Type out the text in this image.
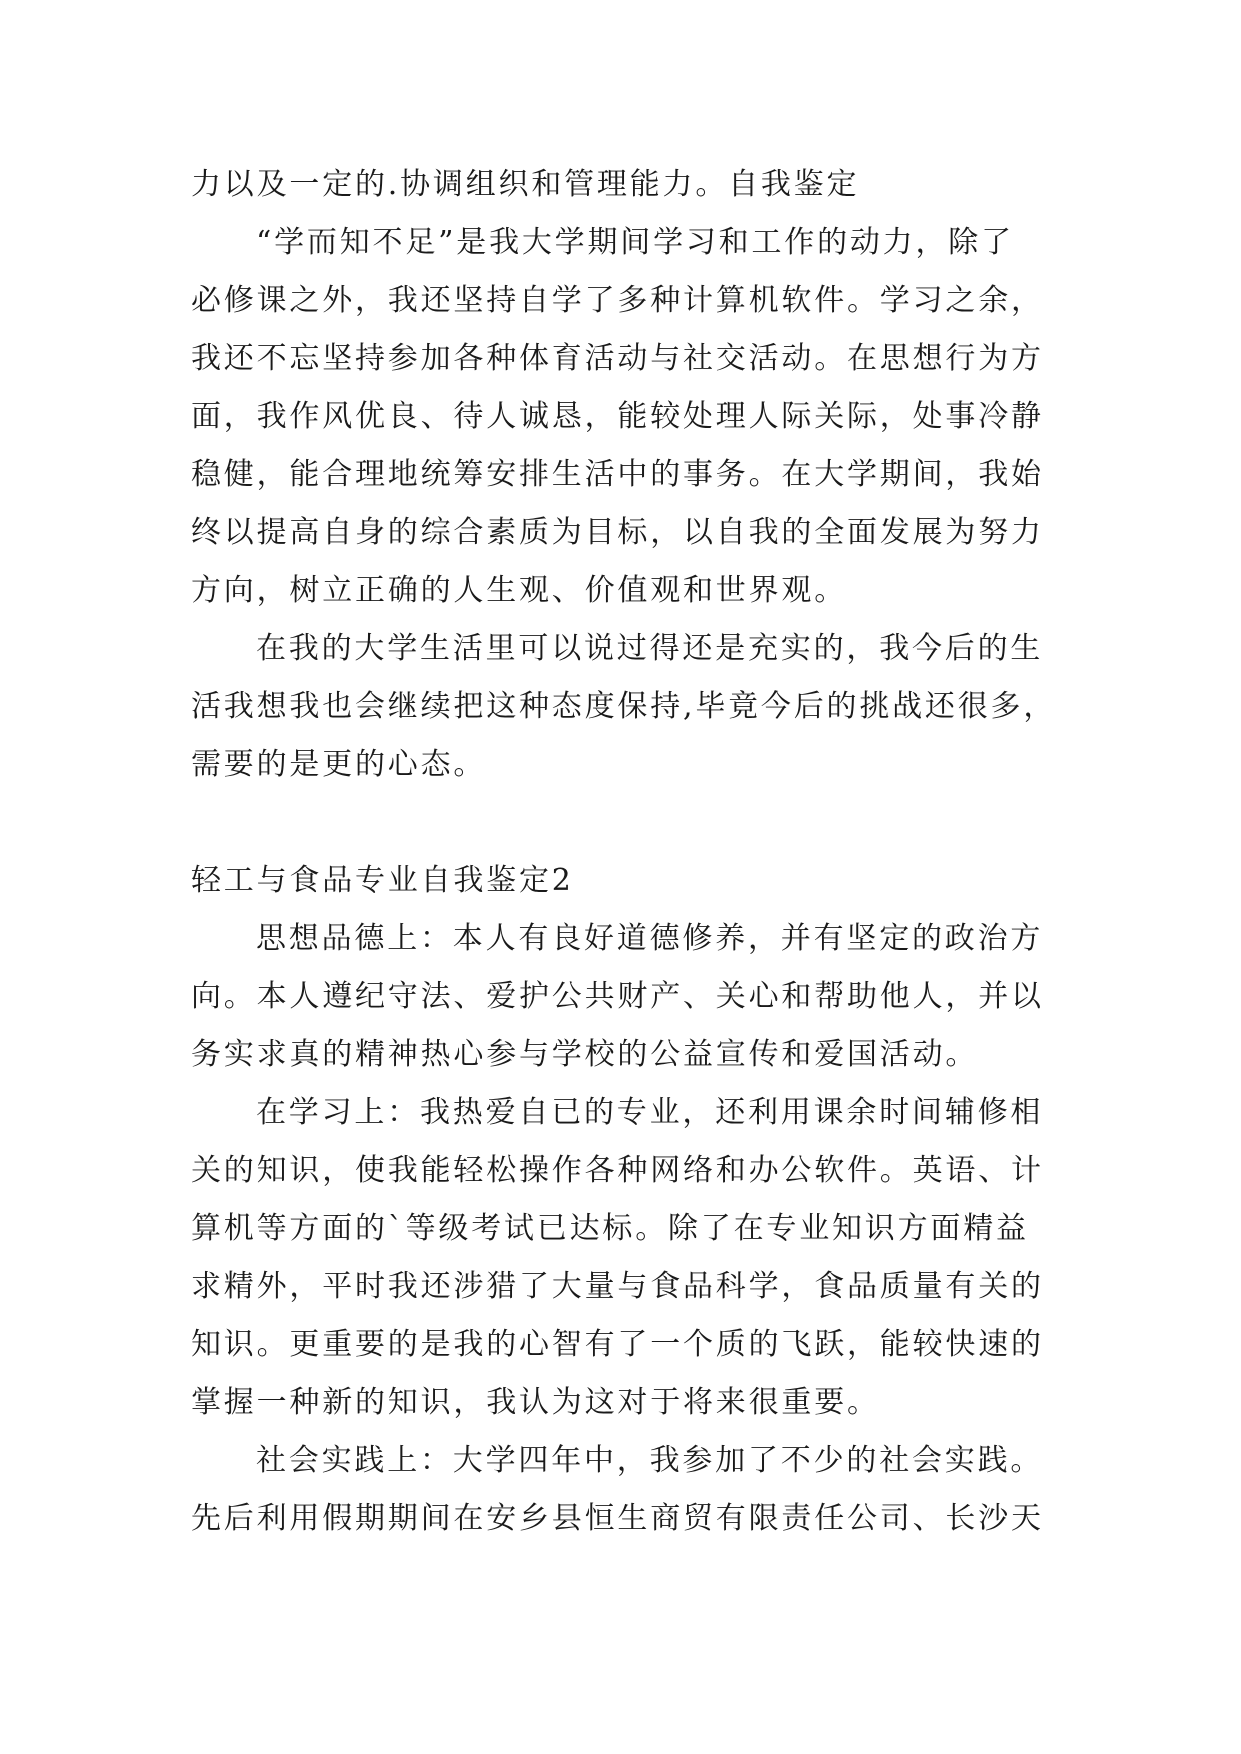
力以及一定的.协调组织和管理能力。自我鉴定
“学而知不足”是我大学期间学习和工作的动力，除了
必修课之外，我还坚持自学了多种计算机软件。学习之余，
我还不忘坚持参加各种体育活动与社交活动。在思想行为方
面，我作风优良、待人诚恳，能较处理人际关际，处事冷静
稳健，能合理地统筹安排生活中的事务。在大学期间，我始
终以提高自身的综合素质为目标，以自我的全面发展为努力
方向，树立正确的人生观、价值观和世界观。
在我的大学生活里可以说过得还是充实的，我今后的生
活我想我也会继续把这种态度保持,毕竟今后的挑战还很多，
需要的是更的心态。
轻工与食品专业自我鉴定2
思想品德上：本人有良好道德修养，并有坚定的政治方
向。本人遵纪守法、爱护公共财产、关心和帮助他人，并以
务实求真的精神热心参与学校的公益宣传和爱国活动。
在学习上：我热爱自已的专业，还利用课余时间辅修相
关的知识，使我能轻松操作各种网络和办公软件。英语、计
算机等方面的`等级考试已达标。除了在专业知识方面精益
求精外，平时我还涉猎了大量与食品科学，食品质量有关的
知识。更重要的是我的心智有了一个质的飞跃，能较快速的
掌握一种新的知识，我认为这对于将来很重要。
社会实践上：大学四年中，我参加了不少的社会实践。
先后利用假期期间在安乡县恒生商贸有限责任公司、长沙天
